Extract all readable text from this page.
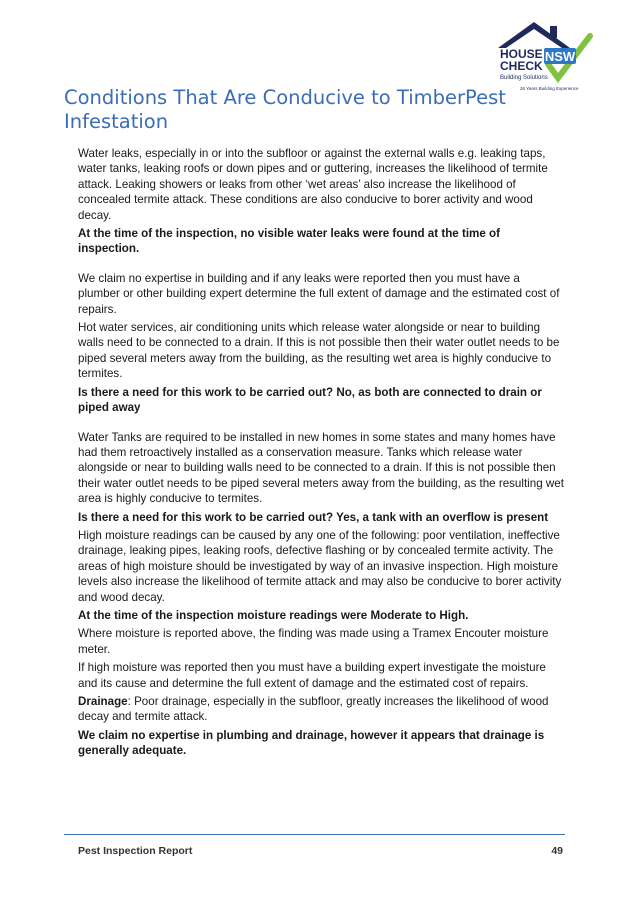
NSW
HOUSE
CHECK
Building Solutions
26 Years Building Experience
Conditions That Are Conducive to TimberPest Infestation

Water leaks, especially in or into the subfloor or against the external walls e.g. leaking taps, water tanks, leaking roofs or down pipes and or guttering, increases the likelihood of termite attack. Leaking showers or leaks from other ‘wet areas’ also increase the likelihood of concealed termite attack. These conditions are also conducive to borer activity and wood decay.

At the time of the inspection, no visible water leaks were found at the time of inspection.

We claim no expertise in building and if any leaks were reported then you must have a plumber or other building expert determine the full extent of damage and the estimated cost of repairs.

Hot water services, air conditioning units which release water alongside or near to building walls need to be connected to a drain. If this is not possible then their water outlet needs to be piped several meters away from the building, as the resulting wet area is highly conducive to termites.

Is there a need for this work to be carried out? No, as both are connected to drain or piped away

Water Tanks are required to be installed in new homes in some states and many homes have had them retroactively installed as a conservation measure. Tanks which release water alongside or near to building walls need to be connected to a drain. If this is not possible then their water outlet needs to be piped several meters away from the building, as the resulting wet area is highly conducive to termites.

Is there a need for this work to be carried out? Yes, a tank with an overflow is present

High moisture readings can be caused by any one of the following: poor ventilation, ineffective drainage, leaking pipes, leaking roofs, defective flashing or by concealed termite activity. The areas of high moisture should be investigated by way of an invasive inspection. High moisture levels also increase the likelihood of termite attack and may also be conducive to borer activity and wood decay.

At the time of the inspection moisture readings were Moderate to High.

Where moisture is reported above, the finding was made using a Tramex Encouter moisture meter.

If high moisture was reported then you must have a building expert investigate the moisture and its cause and determine the full extent of damage and the estimated cost of repairs.

Drainage: Poor drainage, especially in the subfloor, greatly increases the likelihood of wood decay and termite attack.

We claim no expertise in plumbing and drainage, however it appears that drainage is generally adequate.

Pest Inspection Report	49
